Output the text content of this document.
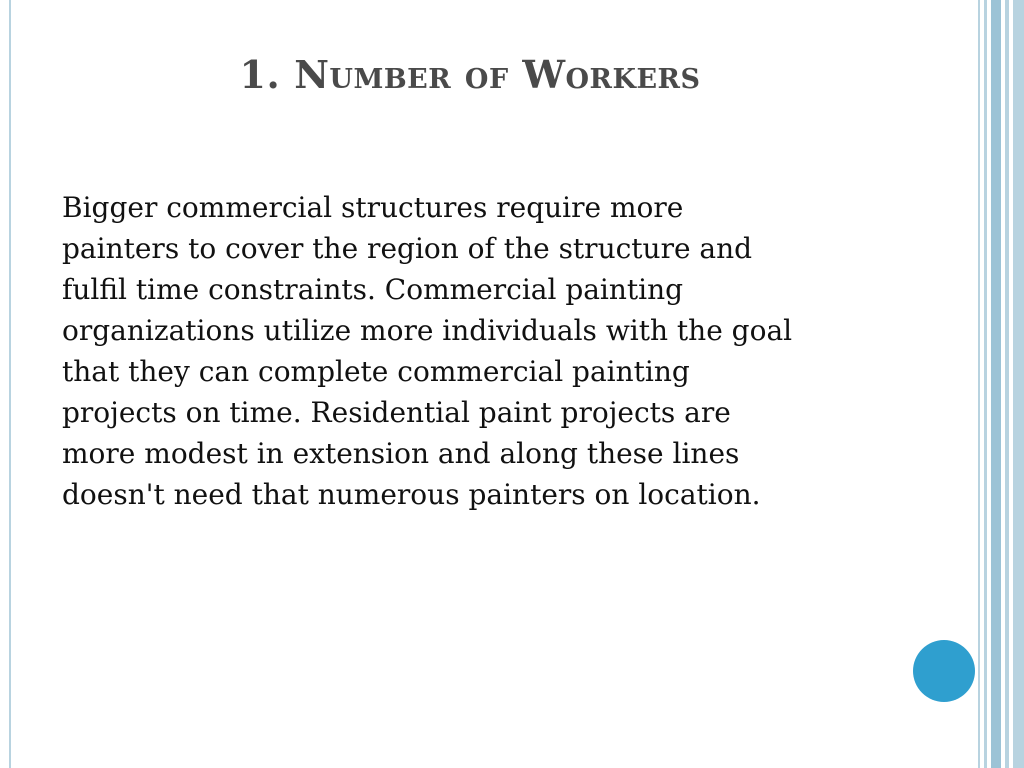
1. Number of Workers
Bigger commercial structures require more
painters to cover the region of the structure and
fulfil time constraints. Commercial painting
organizations utilize more individuals with the goal
that they can complete commercial painting
projects on time. Residential paint projects are
more modest in extension and along these lines
doesn't need that numerous painters on location.
